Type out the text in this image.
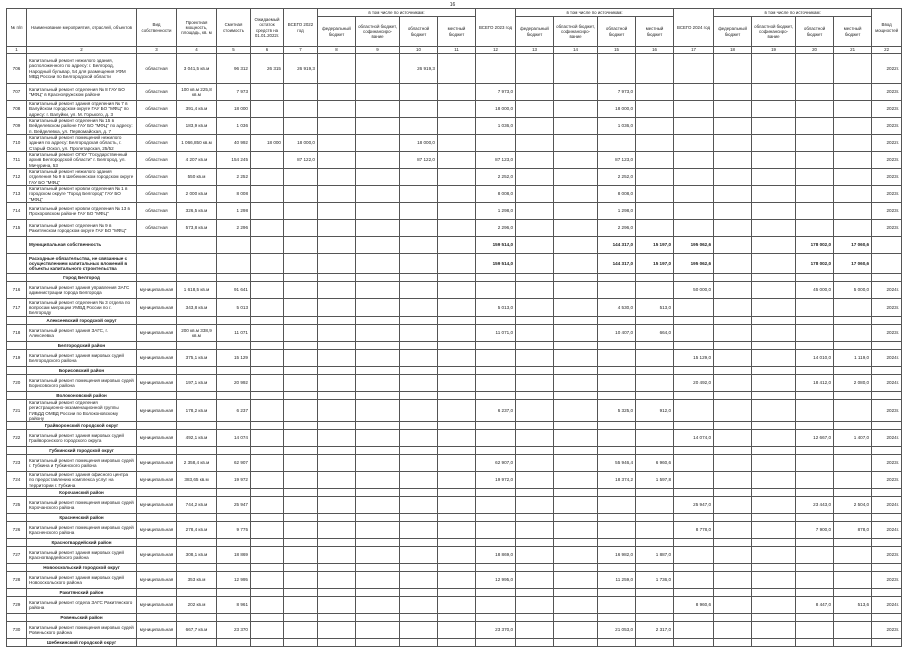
16
№ п/п	Наименование мероприятия, отраслей, объектов	Вид собственности	Проектная мощность, площадь, кв. м	Сметная стоимость	Ожидаемый остаток средств на 01.01.2022г.	ВСЕГО 2022 год	в том числе по источникам:				ВСЕГО 2023 год	в том числе по источникам:				ВСЕГО 2024 год	в том числе по источникам:				Ввод мощностей
							федеральный бюджет	областной бюджет, софинансиро-вание	областной бюджет	местный бюджет		федеральный бюджет	областной бюджет, софинансиро-вание	областной бюджет	местный бюджет		федеральный бюджет	областной бюджет, софинансиро-вание	областной бюджет	местный бюджет	
1	2	3	4	5	6	7	8	9	10	11	12	13	14	15	16	17	18	19	20	21	22
706	Капитальный ремонт нежилого здания, расположенного по адресу: г. Белгород, Народный бульвар, 54 для размещения УФМ МВД России по Белгородской области	областная	3 041,5 кв.м	96 312	26 315	26 919,3			26 919,3												2022г.
707	Капитальный ремонт отделения № 8 ГАУ БО "МФЦ" в Краснояружском районе	областная	100 кв.м 225,8 кв.м	7 973							7 973,0			7 973,0							2023г.
708	Капитальный ремонт здания отделения № 7 в Валуйском городском округе ГАУ БО "МФЦ" по адресу: г. Валуйки, ул. М. Горького, д. 3	областная	391,4 кв.м	18 000							18 000,0			18 000,0							2023г.
709	Капитальный ремонт отделения № 15 в Вейделевском районе ГАУ БО "МФЦ" по адресу: п. Вейделевка, ул. Первомайская, д. 7	областная	183,9 кв.м	1 036							1 036,0			1 036,0							2023г.
710	Капитальный ремонт помещений нежилого здания по адресу: Белгородская область, г. Старый Оскол, ул. Пролетарская, 25/52	областная	1 066,850 кв.м	40 992	18 000	18 000,0			18 000,0												2022г.
711	Капитальный ремонт ОГКУ "Государственный архив Белгородской области" г. Белгород, ул. Мичурина, 53	областная	4 207 кв.м	154 245		87 122,0			87 122,0		87 123,0			87 123,0							2023г.
712	Капитальный ремонт нежилого здания отделения № 9 в Шебекинском городском округе ГАУ БО "МФЦ"	областная	550 кв.м	2 252							2 252,0			2 252,0							2023г.
713	Капитальный ремонт кровли отделения № 1 в городском округе "Город Белгород" ГАУ БО "МФЦ"	областная	2 000 кв.м	8 008							8 008,0			8 008,0							2023г.
714	Капитальный ремонт кровли отделения № 13 в Прохоровском районе ГАУ БО "МФЦ"	областная	326,5 кв.м	1 298							1 298,0			1 298,0							2023г.
715	Капитальный ремонт отделения № 9 в Ракитянском городском округе ГАУ БО "МФЦ"	областная	573,8 кв.м	2 296							2 296,0			2 296,0							2023г.
	Муниципальная собственность										159 514,0			144 317,0	15 197,0	195 062,6			178 002,0	17 060,6	
	Расходные обязательства, не связанные с осуществлением капитальных вложений в объекты капитального строительства										159 514,0			144 317,0	15 197,0	195 062,6			178 002,0	17 060,6	
	Город Белгород																				
716	Капитальный ремонт здания управления ЗАГС администрации города Белгорода	муниципальная	1 618,5 кв.м	91 641												50 000,0			45 000,0	5 000,0	2024г.
717	Капитальный ремонт отделения № 3 отдела по вопросам миграции УМВД России по г. Белгороду	муниципальная	343,8 кв.м	5 013							5 013,0			4 530,0	513,0						2023г.
	Алексеевский городской округ																				
718	Капитальный ремонт здания ЗАГС, г. Алексеевка	муниципальная	200 кв.м 338,9 кв.м	11 071							11 071,0			10 407,0	664,0						2023г.
	Белгородский район																				
719	Капитальный ремонт здания мировых судей Белгородского района	муниципальная	375,1 кв.м	15 129												15 129,0			14 010,0	1 119,0	2024г.
	Борисовский район																				
720	Капитальный ремонт помещения мировых судей Борисовского района	муниципальная	197,1 кв.м	20 992												20 492,0			18 412,0	2 080,0	2024г.
	Волоконовский район																				
721	Капитальный ремонт отделения регистрационно-экзаменационной группы ГИБДД ОМВД России по Волоконовскому району	муниципальная	178,2 кв.м	6 237							6 237,0			5 325,0	912,0						2023г.
	Грайворонский городской округ																				
722	Капитальный ремонт здания мировых судей Грайворонского городского округа	муниципальная	492,1 кв.м	14 074												14 074,0			12 667,0	1 407,0	2024г.
	Губкинский городской округ																				
723	Капитальный ремонт помещения мировых судей г. Губкина и Губкинского района	муниципальная	2 358,4 кв.м	62 907							62 907,0			55 946,4	6 960,6						2023г.
724	Капитальный ремонт здания офисного центра по предоставлению комплекса услуг на территории г. Губкина	муниципальная	383,65 кв.м	19 972							19 972,0			18 374,2	1 597,8						2023г.
	Корочанский район																				
725	Капитальный ремонт помещения мировых судей Корочанского района	муниципальная	744,2 кв.м	25 947												25 947,0			23 443,0	2 504,0	2024г.
	Красненский район																				
726	Капитальный ремонт помещения мировых судей Красненского района	муниципальная	278,4 кв.м	9 775												8 778,0			7 900,0	878,0	2024г.
	Красногвардейский район																				
727	Капитальный ремонт здания мировых судей Красногвардейского района	муниципальная	308,1 кв.м	18 869							18 869,0			16 982,0	1 887,0						2023г.
	Новооскольский городской округ																				
728	Капитальный ремонт здания мировых судей Новооскольского района	муниципальная	353 кв.м	12 995							12 995,0			11 259,0	1 736,0						2023г.
	Ракитянский район																				
729	Капитальный ремонт отдела ЗАГС Ракитянского района	муниципальная	202 кв.м	8 961												8 960,6			8 447,0	513,6	2024г.
	Ровеньский район																				
730	Капитальный ремонт помещения мировых судей Ровеньского района	муниципальная	667,7 кв.м	23 370							23 370,0			21 053,0	2 317,0						2023г.
	Шебекинский городской округ																				
